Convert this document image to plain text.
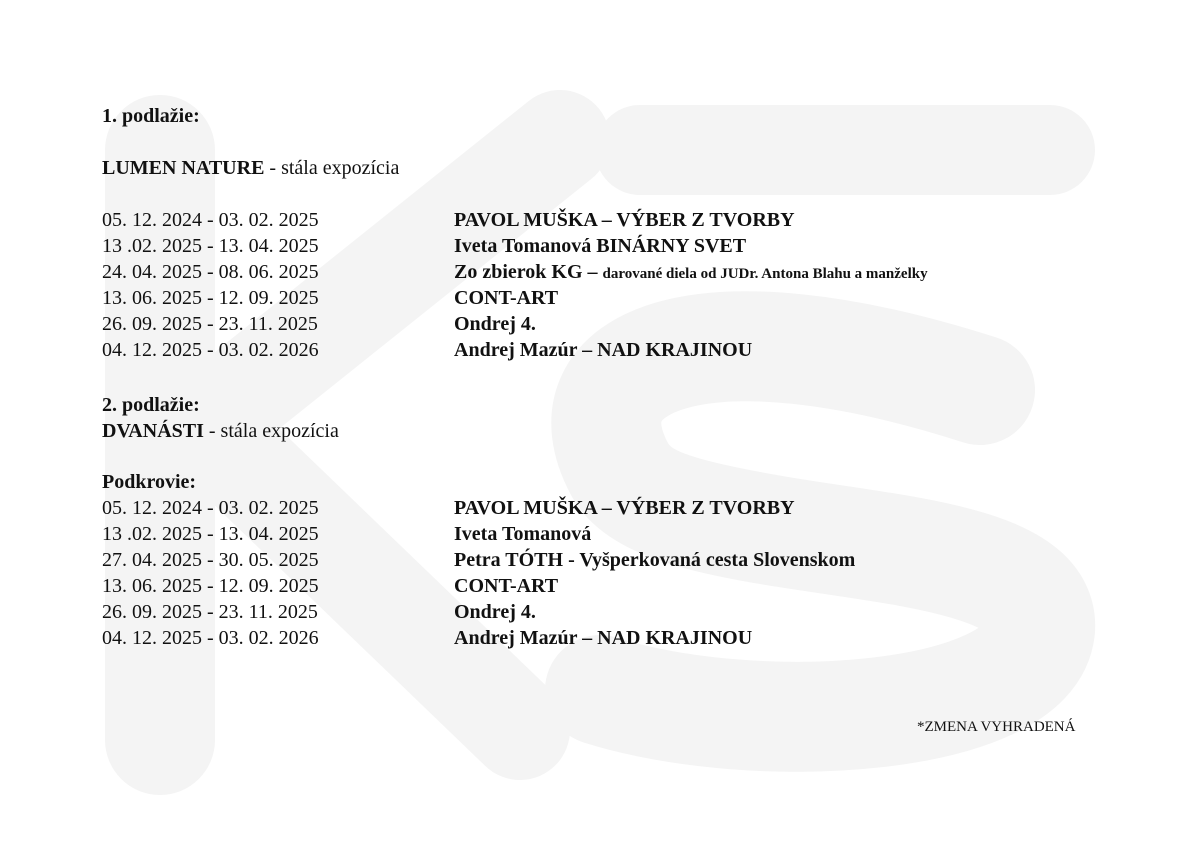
1. podlažie:
LUMEN NATURE - stála expozícia
05. 12. 2024 - 03. 02. 2025	PAVOL MUŠKA – VÝBER Z TVORBY
13 .02. 2025 - 13. 04. 2025	Iveta Tomanová BINÁRNY SVET
24. 04. 2025 - 08. 06. 2025	Zo zbierok KG – darované diela od JUDr. Antona Blahu a manželky
13. 06. 2025 - 12. 09. 2025	CONT-ART
26. 09. 2025 - 23. 11. 2025	Ondrej 4.
04. 12. 2025 - 03. 02. 2026	Andrej Mazúr – NAD KRAJINOU
2. podlažie:
DVANÁSTI - stála expozícia
Podkrovie:
05. 12. 2024 - 03. 02. 2025	PAVOL MUŠKA – VÝBER Z TVORBY
13 .02. 2025 - 13. 04. 2025	Iveta Tomanová
27. 04. 2025 - 30. 05. 2025	Petra TÓTH - Vyšperkovaná cesta Slovenskom
13. 06. 2025 - 12. 09. 2025	CONT-ART
26. 09. 2025 - 23. 11. 2025	Ondrej 4.
04. 12. 2025 - 03. 02. 2026	Andrej Mazúr – NAD KRAJINOU
*ZMENA VYHRADENÁ
